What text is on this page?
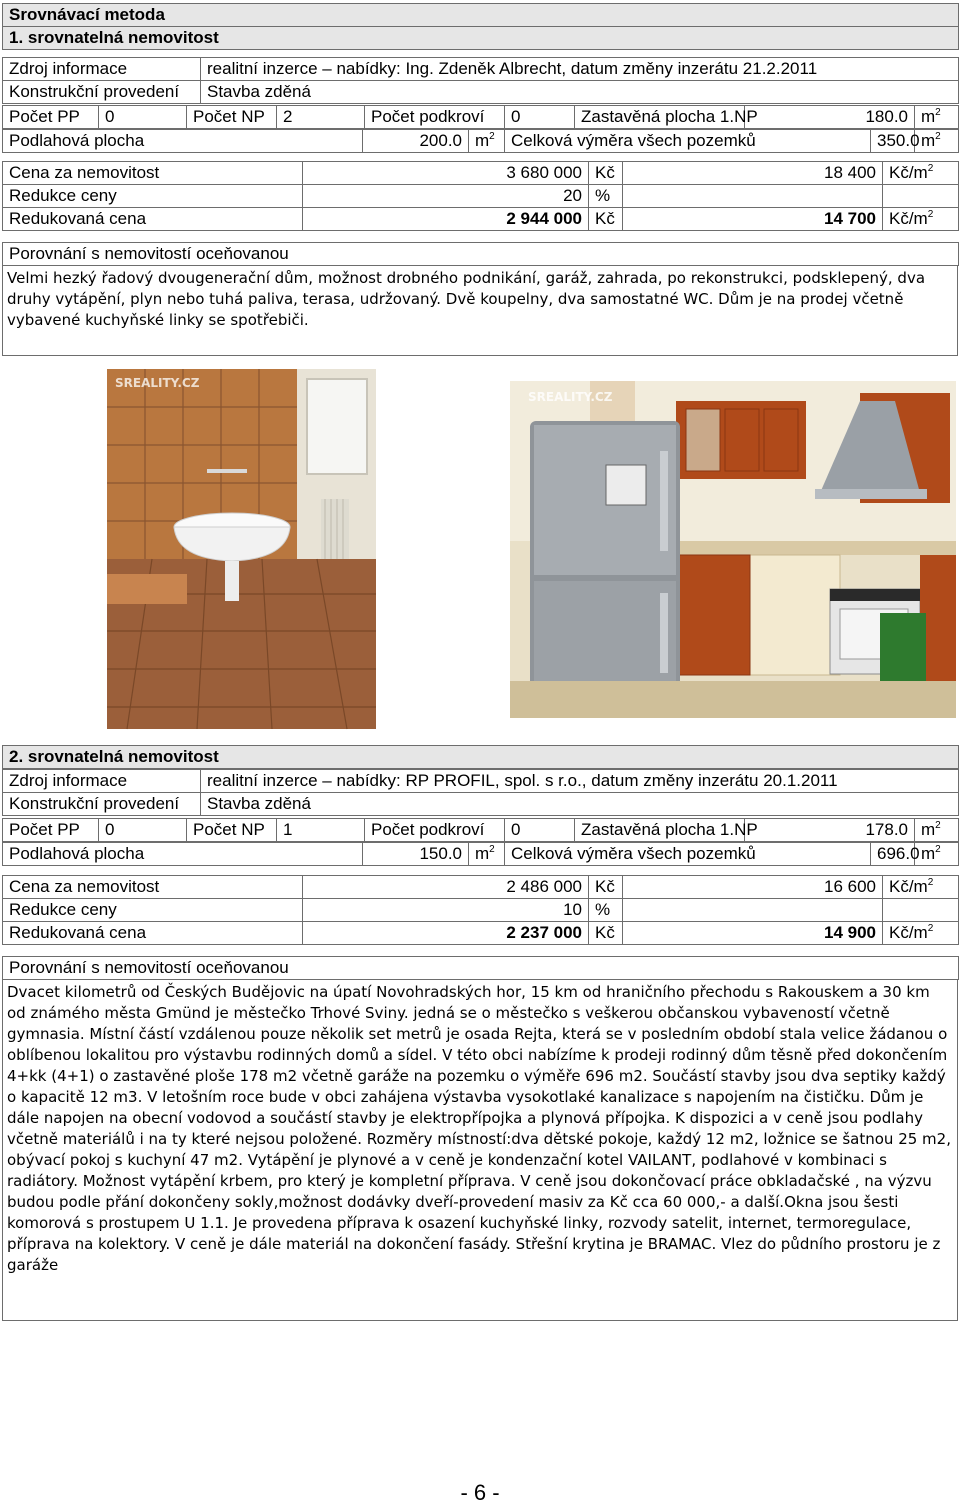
Srovnávací metoda
1. srovnatelná nemovitost
Zdroj informace	realitní inzerce – nabídky: Ing. Zdeněk Albrecht, datum změny inzerátu 21.2.2011
Konstrukční provedení	Stavba zděná
Počet PP	0	Počet NP	2	Počet podkroví	0	Zastavěná plocha 1.NP	180.0	$m^2$
Podlahová plocha	200.0	$m^2$	Celková výměra všech pozemků	350.0	$m^2$
Cena za nemovitost	3 680 000	Kč	18 400	$Kč/m^2$
Redukce ceny	20	%		
Redukovaná cena	2 944 000	Kč	14 700	$Kč/m^2$
Porovnání s nemovitostí oceňovanou
Velmi hezký řadový dvougenerační dům, možnost drobného podnikání, garáž, zahrada, po rekonstrukci, podsklepený, dva druhy vytápění, plyn nebo tuhá paliva, terasa, udržovaný. Dvě koupelny, dva samostatné WC. Dům je na prodej včetně vybavené kuchyňské linky se spotřebiči.
SREALITY.CZ
SREALITY.CZ
2. srovnatelná nemovitost
Zdroj informace	realitní inzerce – nabídky: RP PROFIL, spol. s r.o., datum změny inzerátu 20.1.2011
Konstrukční provedení	Stavba zděná
Počet PP	0	Počet NP	1	Počet podkroví	0	Zastavěná plocha 1.NP	178.0	$m^2$
Podlahová plocha	150.0	$m^2$	Celková výměra všech pozemků	696.0	$m^2$
Cena za nemovitost	2 486 000	Kč	16 600	$Kč/m^2$
Redukce ceny	10	%		
Redukovaná cena	2 237 000	Kč	14 900	$Kč/m^2$
Porovnání s nemovitostí oceňovanou
Dvacet kilometrů od Českých Budějovic na úpatí Novohradských hor, 15 km od hraničního přechodu s Rakouskem a 30 km od známého města Gmünd je městečko Trhové Sviny. jedná se o městečko s veškerou občanskou vybaveností včetně gymnasia. Místní částí vzdálenou pouze několik set metrů je osada Rejta, která se v posledním období stala velice žádanou o oblíbenou lokalitou pro výstavbu rodinných domů a sídel. V této obci nabízíme k prodeji rodinný dům těsně před dokončením 4+kk (4+1) o zastavěné ploše 178 m2 včetně garáže na pozemku o výměře 696 m2. Součástí stavby jsou dva septiky každý o kapacitě 12 m3. V letošním roce bude v obci zahájena výstavba vysokotlaké kanalizace s napojením na čističku. Dům je dále napojen na obecní vodovod a součástí stavby je elektropřípojka a plynová přípojka. K dispozici a v ceně jsou podlahy včetně materiálů i na ty které nejsou položené. Rozměry místností:dva dětské pokoje, každý 12 m2, ložnice se šatnou 25 m2, obývací pokoj s kuchyní 47 m2. Vytápění je plynové a v ceně je kondenzační kotel VAILANT, podlahové v kombinaci s radiátory. Možnost vytápění krbem, pro který je kompletní příprava. V ceně jsou dokončovací práce obkladačské , na výzvu budou podle přání dokončeny sokly,možnost dodávky dveří-provedení masiv za Kč cca 60 000,- a další.Okna jsou šesti komorová s prostupem U 1.1. Je provedena příprava k osazení kuchyňské linky, rozvody satelit, internet, termoregulace, příprava na kolektory. V ceně je dále materiál na dokončení fasády. Střešní krytina je BRAMAC. Vlez do půdního prostoru je z garáže
- 6 -
